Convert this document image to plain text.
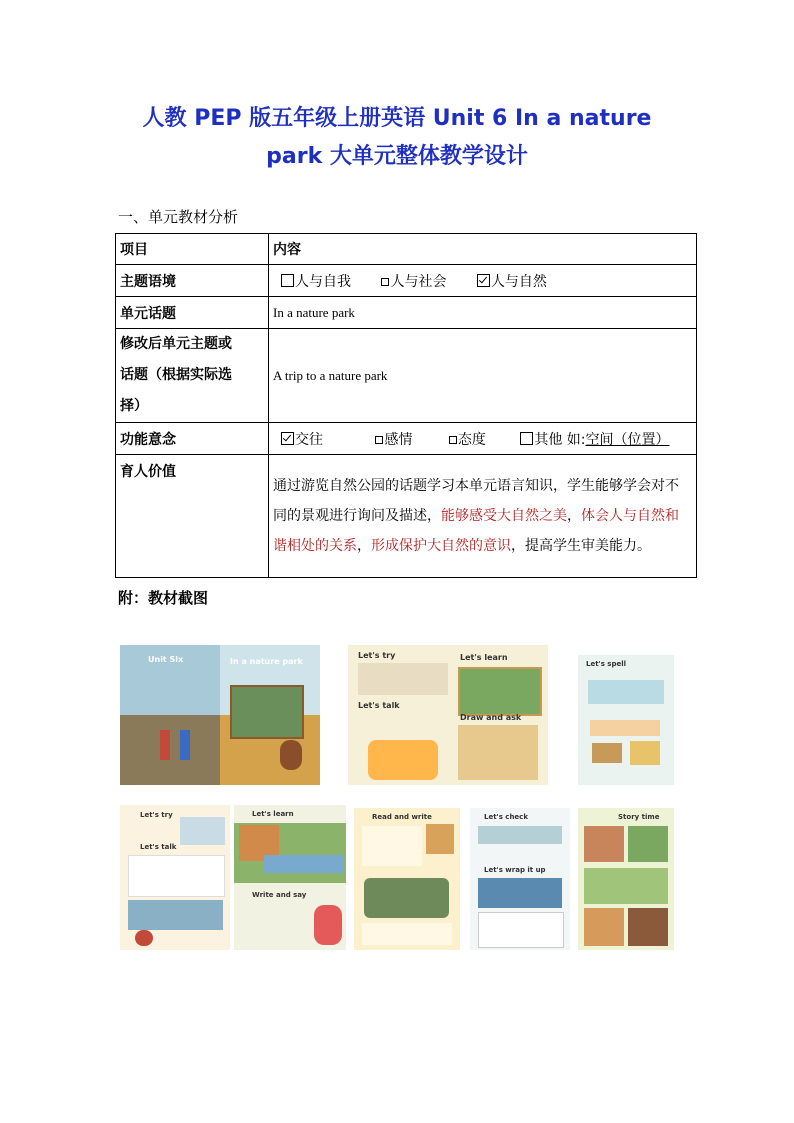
人教 PEP 版五年级上册英语 Unit 6 In a nature
park 大单元整体教学设计
一、单元教材分析
项目	内容
主题语境	人与自我 人与社会 人与自然
单元话题	In a nature park

修改后单元主题或
话题（根据实际选
择）	A trip to a nature park
功能意念	交往 感情 态度 其他 如:空间（位置）
育人价值	通过游览自然公园的话题学习本单元语言知识，学生能够学会对不同的景观进行询问及描述，能够感受大自然之美，体会人与自然和谐相处的关系，形成保护大自然的意识，提高学生审美能力。
附：教材截图
Unit Six	In a nature park
Let's try	Let's learn
Let's talk
Draw and ask
Let's spell
Let's try
Let's talk
Let's learn
Write and say
Read and write	Let's check
Let's wrap it up
Story time
